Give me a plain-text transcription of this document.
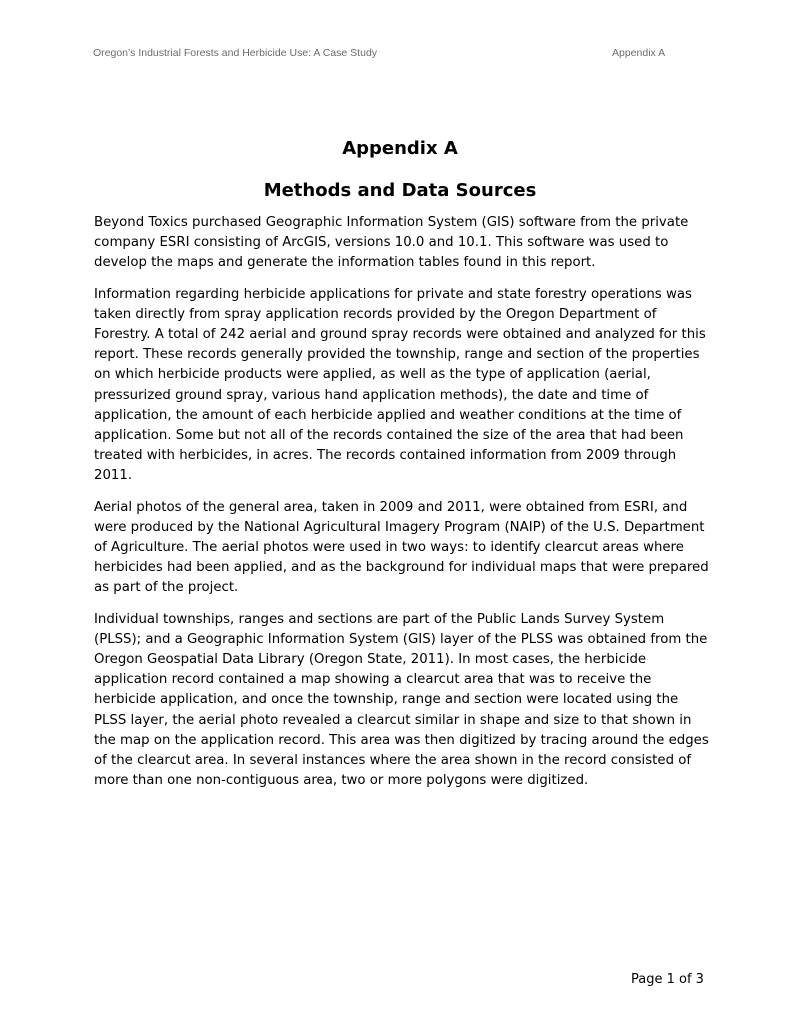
Oregon’s Industrial Forests and Herbicide Use: A Case Study	Appendix A
Appendix A
Methods and Data Sources

Beyond Toxics purchased Geographic Information System (GIS) software from the private company ESRI consisting of ArcGIS, versions 10.0 and 10.1. This software was used to develop the maps and generate the information tables found in this report.

Information regarding herbicide applications for private and state forestry operations was taken directly from spray application records provided by the Oregon Department of Forestry. A total of 242 aerial and ground spray records were obtained and analyzed for this report. These records generally provided the township, range and section of the properties on which herbicide products were applied, as well as the type of application (aerial, pressurized ground spray, various hand application methods), the date and time of application, the amount of each herbicide applied and weather conditions at the time of application. Some but not all of the records contained the size of the area that had been treated with herbicides, in acres. The records contained information from 2009 through 2011.

Aerial photos of the general area, taken in 2009 and 2011, were obtained from ESRI, and were produced by the National Agricultural Imagery Program (NAIP) of the U.S. Department of Agriculture. The aerial photos were used in two ways: to identify clearcut areas where herbicides had been applied, and as the background for individual maps that were prepared as part of the project.

Individual townships, ranges and sections are part of the Public Lands Survey System (PLSS); and a Geographic Information System (GIS) layer of the PLSS was obtained from the Oregon Geospatial Data Library (Oregon State, 2011). In most cases, the herbicide application record contained a map showing a clearcut area that was to receive the herbicide application, and once the township, range and section were located using the PLSS layer, the aerial photo revealed a clearcut similar in shape and size to that shown in the map on the application record. This area was then digitized by tracing around the edges of the clearcut area. In several instances where the area shown in the record consisted of more than one non-contiguous area, two or more polygons were digitized.

Page 1 of 3
